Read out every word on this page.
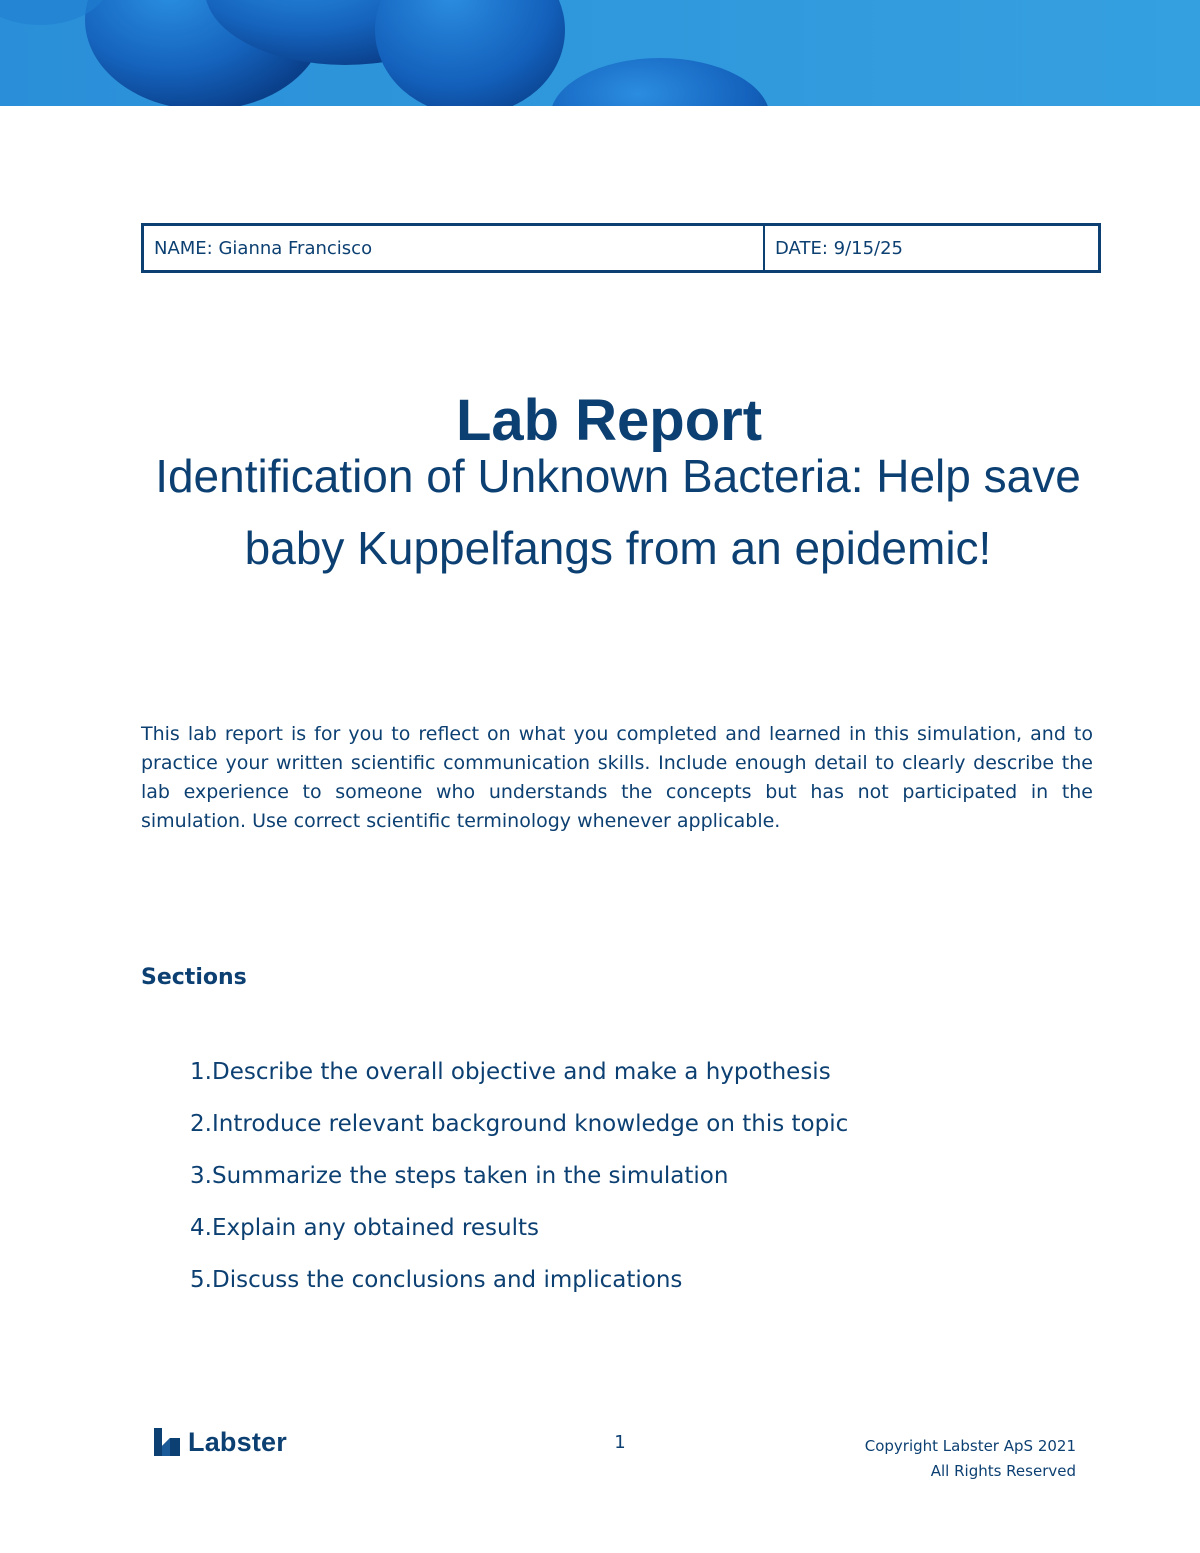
NAME: Gianna Francisco	DATE: 9/15/25
Lab Report
Identification of Unknown Bacteria: Help save baby Kuppelfangs from an epidemic!

This lab report is for you to reflect on what you completed and learned in this simulation, and to practice your written scientific communication skills. Include enough detail to clearly describe the lab experience to someone who understands the concepts but has not participated in the simulation. Use correct scientific terminology whenever applicable.

Sections
1. Describe the overall objective and make a hypothesis
2. Introduce relevant background knowledge on this topic
3. Summarize the steps taken in the simulation
4. Explain any obtained results
5. Discuss the conclusions and implications
Labster	1	Copyright Labster ApS 2021
All Rights Reserved
